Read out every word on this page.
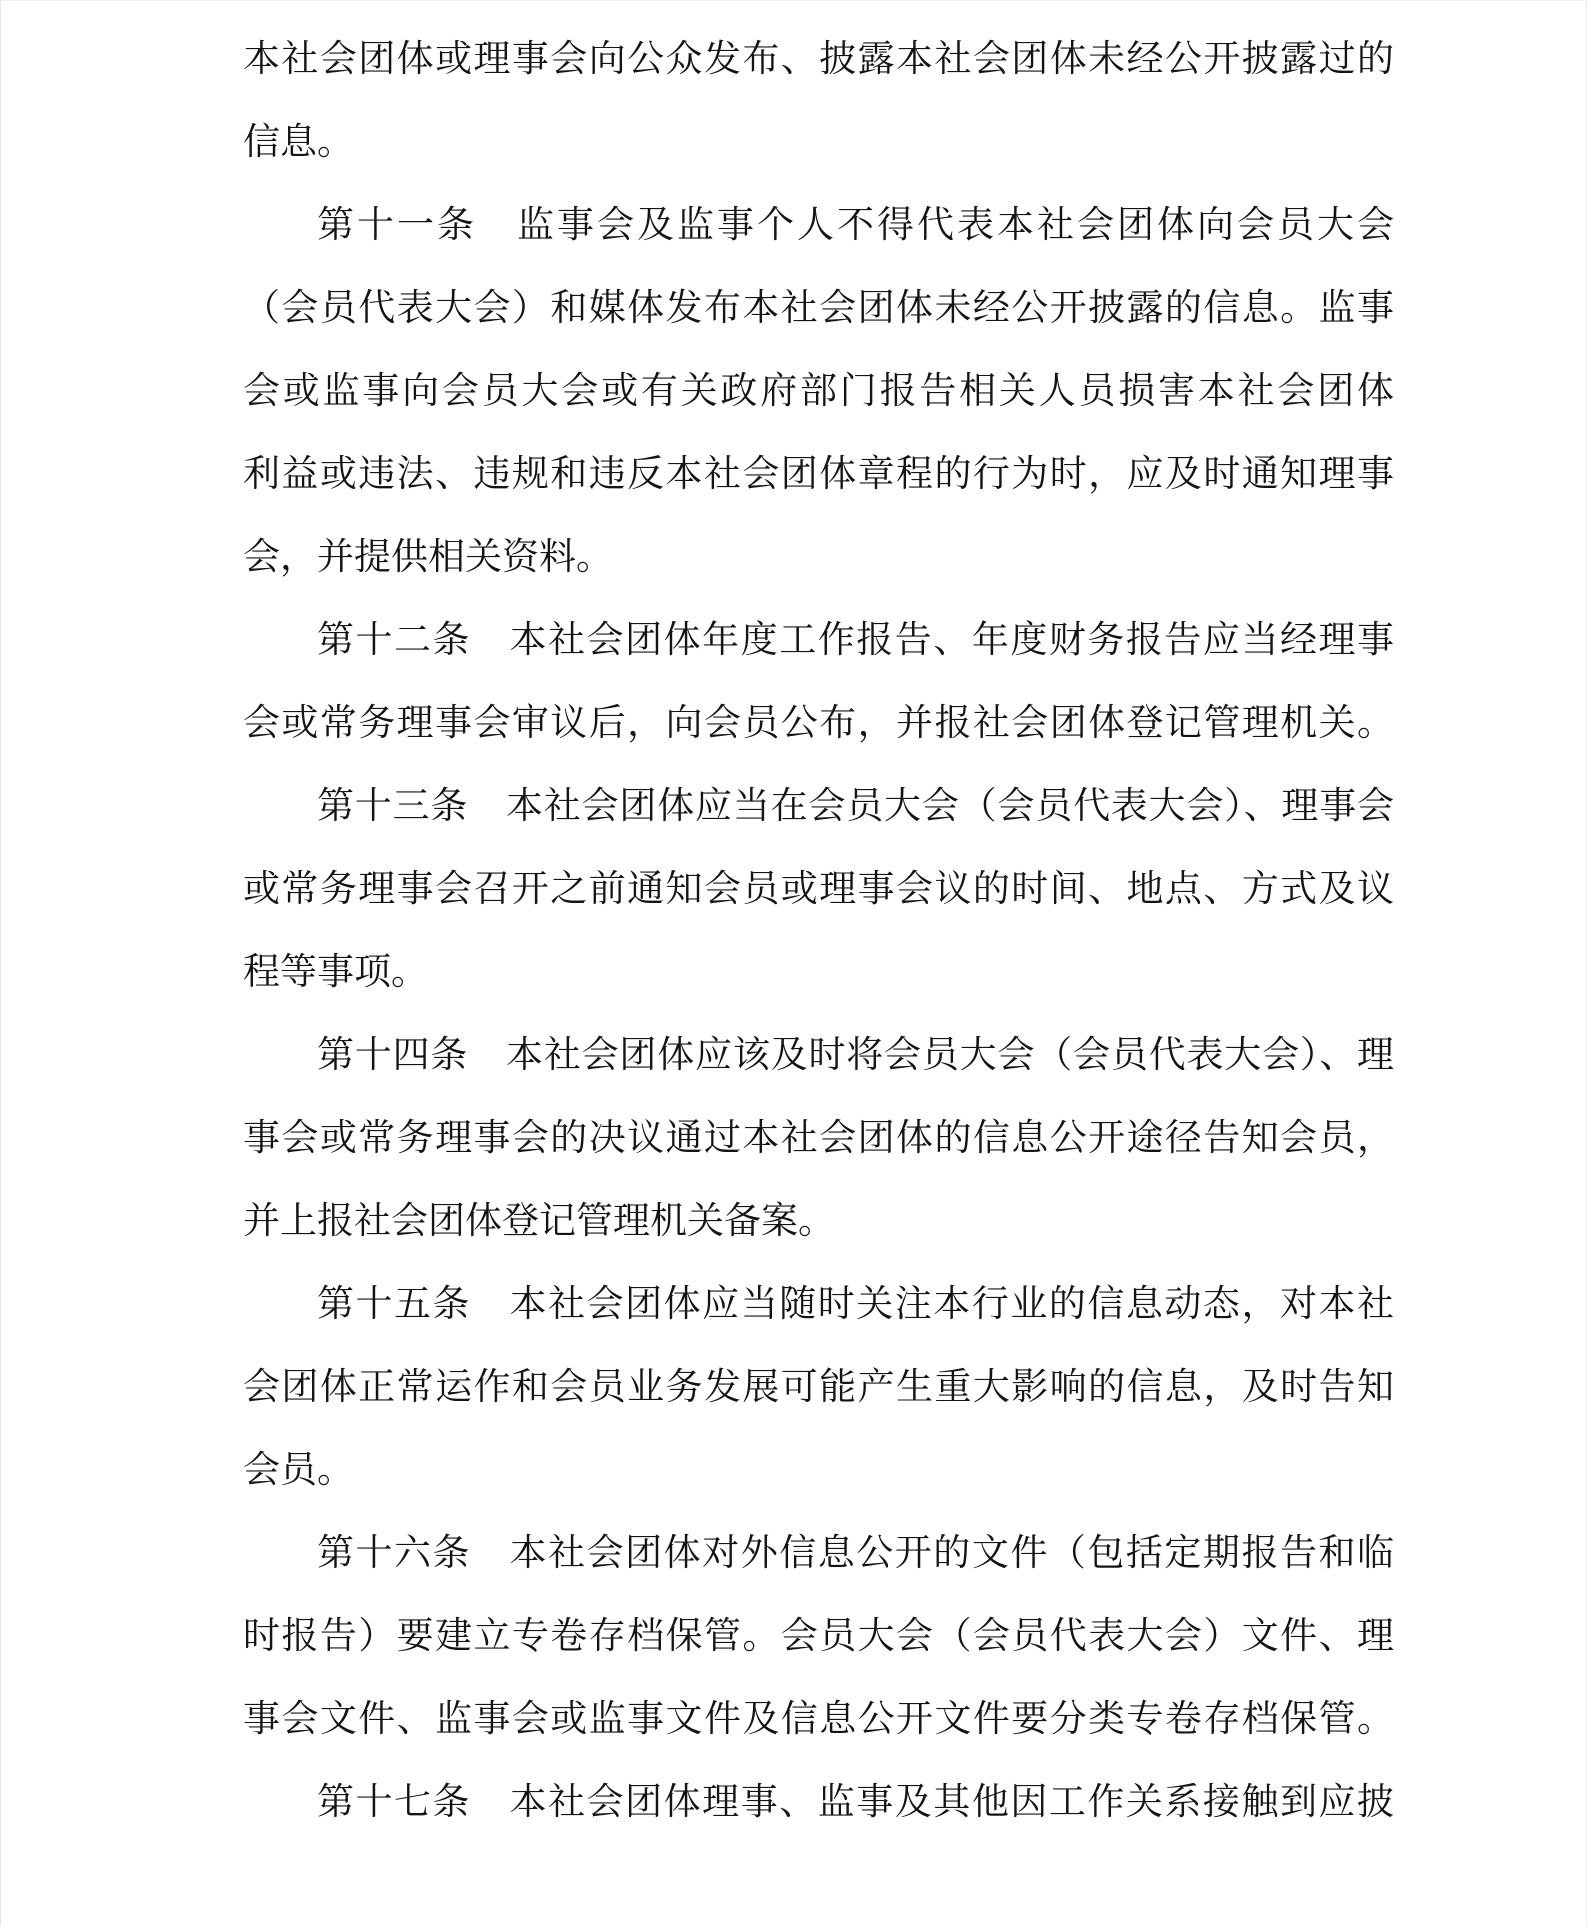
本社会团体或理事会向公众发布、披露本社会团体未经公开披露过的
信息。
第十一条　监事会及监事个人不得代表本社会团体向会员大会
（会员代表大会）和媒体发布本社会团体未经公开披露的信息。监事
会或监事向会员大会或有关政府部门报告相关人员损害本社会团体
利益或违法、违规和违反本社会团体章程的行为时，应及时通知理事
会，并提供相关资料。
第十二条　本社会团体年度工作报告、年度财务报告应当经理事
会或常务理事会审议后，向会员公布，并报社会团体登记管理机关。
第十三条　本社会团体应当在会员大会（会员代表大会）、理事会
或常务理事会召开之前通知会员或理事会议的时间、地点、方式及议
程等事项。
第十四条　本社会团体应该及时将会员大会（会员代表大会）、理
事会或常务理事会的决议通过本社会团体的信息公开途径告知会员，
并上报社会团体登记管理机关备案。
第十五条　本社会团体应当随时关注本行业的信息动态，对本社
会团体正常运作和会员业务发展可能产生重大影响的信息，及时告知
会员。
第十六条　本社会团体对外信息公开的文件（包括定期报告和临
时报告）要建立专卷存档保管。会员大会（会员代表大会）文件、理
事会文件、监事会或监事文件及信息公开文件要分类专卷存档保管。
第十七条　本社会团体理事、监事及其他因工作关系接触到应披
